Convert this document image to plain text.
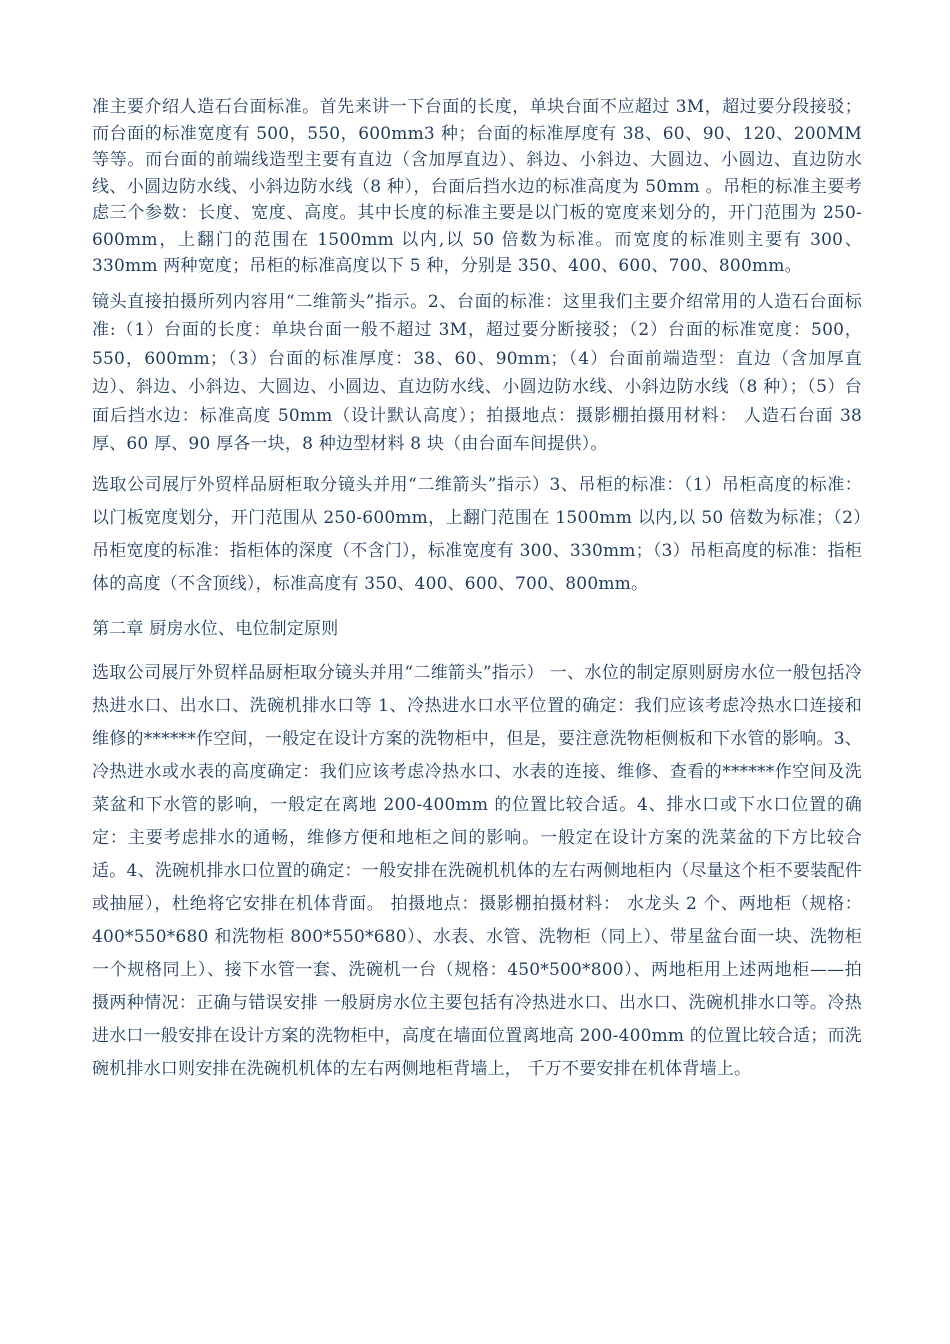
准主要介绍人造石台面标准。首先来讲一下台面的长度，单块台面不应超过 3M，超过要分段接驳；而台面的标准宽度有 500，550，600mm3 种；台面的标准厚度有 38、60、90、120、200MM 等等。而台面的前端线造型主要有直边（含加厚直边）、斜边、小斜边、大圆边、小圆边、直边防水线、小圆边防水线、小斜边防水线（8 种），台面后挡水边的标准高度为 50mm 。吊柜的标准主要考虑三个参数：长度、宽度、高度。其中长度的标准主要是以门板的宽度来划分的，开门范围为 250-600mm，上翻门的范围在 1500mm 以内,以 50 倍数为标准。而宽度的标准则主要有 300、330mm 两种宽度；吊柜的标准高度以下 5 种，分别是 350、400、600、700、800mm。

镜头直接拍摄所列内容用“二维箭头”指示。2、台面的标准：这里我们主要介绍常用的人造石台面标准:（1）台面的长度：单块台面一般不超过 3M，超过要分断接驳；（2）台面的标准宽度：500，550，600mm；（3）台面的标准厚度：38、60、90mm；（4）台面前端造型：直边（含加厚直边）、斜边、小斜边、大圆边、小圆边、直边防水线、小圆边防水线、小斜边防水线（8 种）；（5）台面后挡水边：标准高度 50mm（设计默认高度）；拍摄地点：摄影棚拍摄用材料： 人造石台面 38 厚、60 厚、90 厚各一块，8 种边型材料 8 块（由台面车间提供）。

选取公司展厅外贸样品厨柜取分镜头并用“二维箭头”指示）3、吊柜的标准：（1）吊柜高度的标准：以门板宽度划分，开门范围从 250-600mm，上翻门范围在 1500mm 以内,以 50 倍数为标准；（2）吊柜宽度的标准：指柜体的深度（不含门），标准宽度有 300、330mm；（3）吊柜高度的标准：指柜体的高度（不含顶线），标准高度有 350、400、600、700、800mm。

第二章 厨房水位、电位制定原则

选取公司展厅外贸样品厨柜取分镜头并用“二维箭头”指示） 一、水位的制定原则厨房水位一般包括冷热进水口、出水口、洗碗机排水口等 1、冷热进水口水平位置的确定：我们应该考虑冷热水口连接和维修的******作空间，一般定在设计方案的洗物柜中，但是，要注意洗物柜侧板和下水管的影响。3、冷热进水或水表的高度确定：我们应该考虑冷热水口、水表的连接、维修、查看的******作空间及洗菜盆和下水管的影响，一般定在离地 200-400mm 的位置比较合适。4、排水口或下水口位置的确定：主要考虑排水的通畅，维修方便和地柜之间的影响。一般定在设计方案的洗菜盆的下方比较合适。4、洗碗机排水口位置的确定：一般安排在洗碗机机体的左右两侧地柜内（尽量这个柜不要装配件或抽屉），杜绝将它安排在机体背面。 拍摄地点：摄影棚拍摄材料： 水龙头 2 个、两地柜（规格：400*550*680 和洗物柜 800*550*680）、水表、水管、洗物柜（同上）、带星盆台面一块、洗物柜一个规格同上）、接下水管一套、洗碗机一台（规格：450*500*800）、两地柜用上述两地柜——拍摄两种情况：正确与错误安排 一般厨房水位主要包括有冷热进水口、出水口、洗碗机排水口等。冷热进水口一般安排在设计方案的洗物柜中，高度在墙面位置离地高 200-400mm 的位置比较合适；而洗碗机排水口则安排在洗碗机机体的左右两侧地柜背墙上， 千万不要安排在机体背墙上。
